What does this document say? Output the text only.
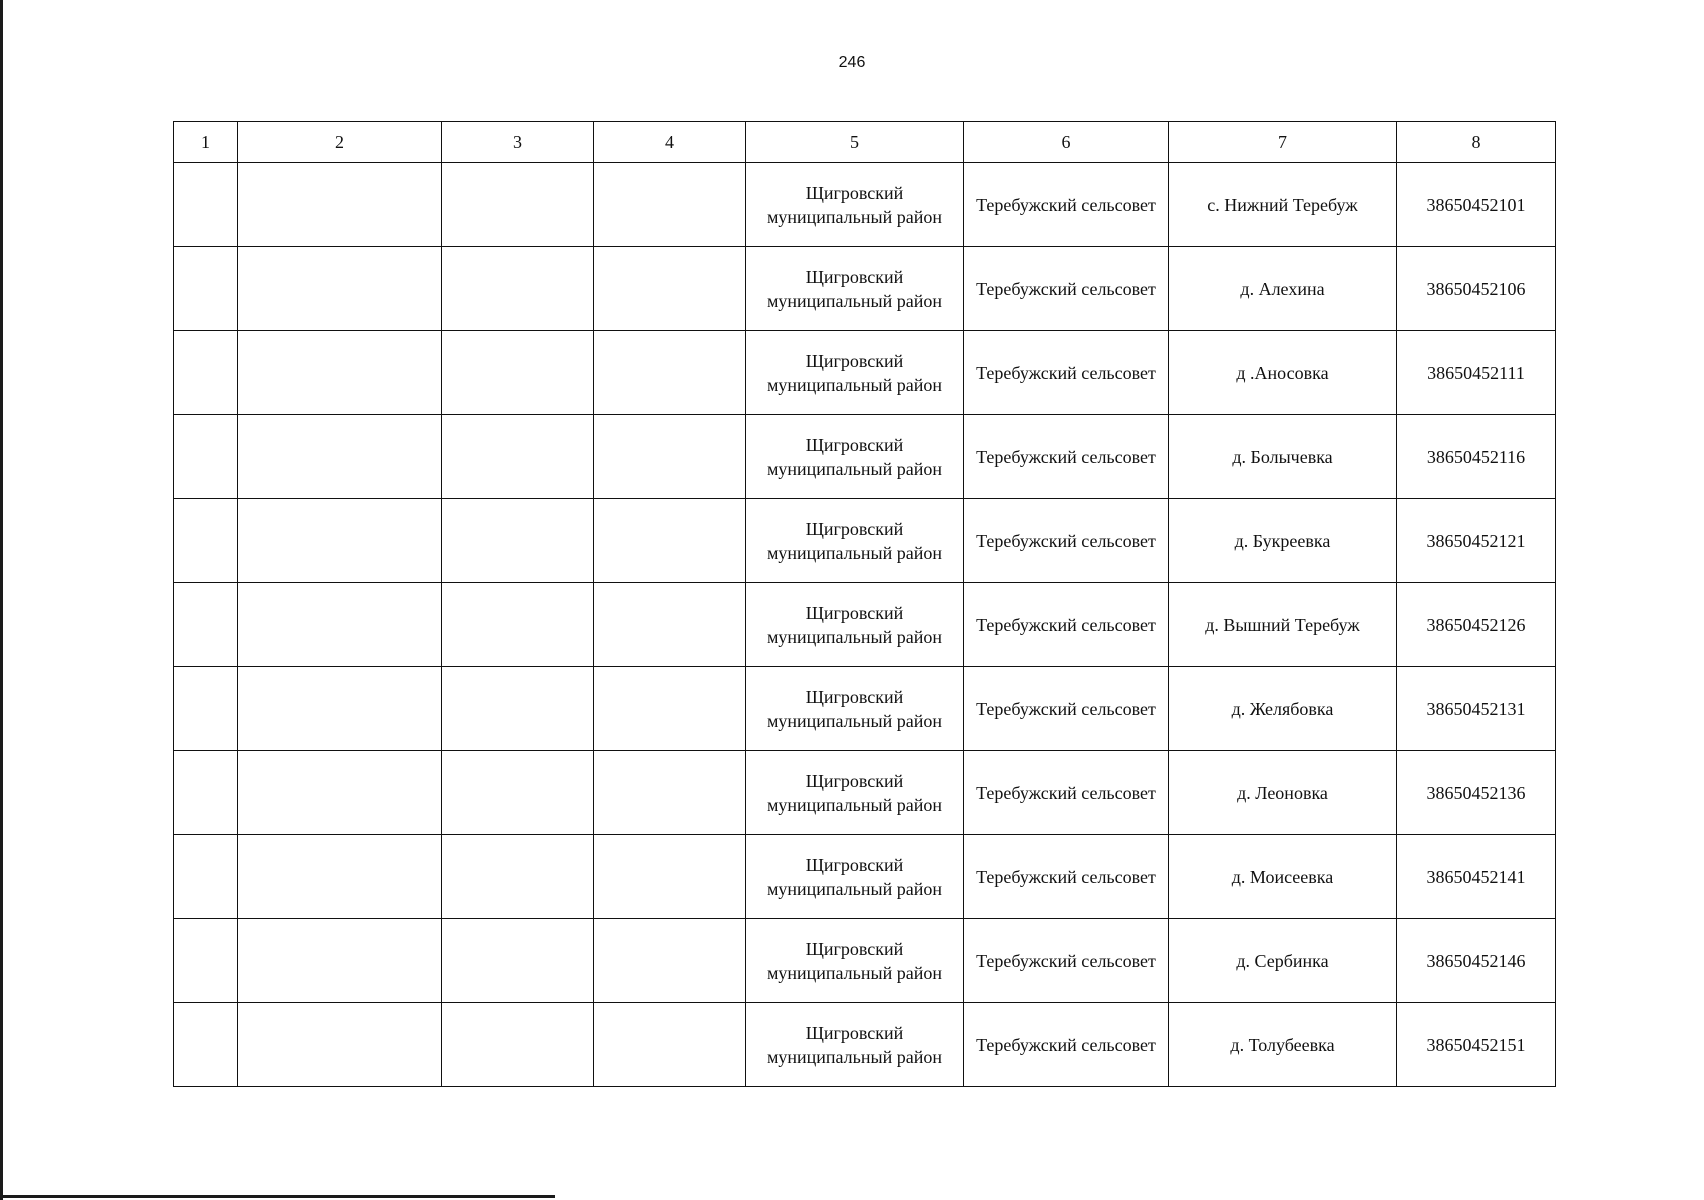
246
1	2	3	4	5	6	7	8
				Щигровский
муниципальный район	Теребужский сельсовет	с. Нижний Теребуж	38650452101
				Щигровский
муниципальный район	Теребужский сельсовет	д. Алехина	38650452106
				Щигровский
муниципальный район	Теребужский сельсовет	д .Аносовка	38650452111
				Щигровский
муниципальный район	Теребужский сельсовет	д. Болычевка	38650452116
				Щигровский
муниципальный район	Теребужский сельсовет	д. Букреевка	38650452121
				Щигровский
муниципальный район	Теребужский сельсовет	д. Вышний Теребуж	38650452126
				Щигровский
муниципальный район	Теребужский сельсовет	д. Желябовка	38650452131
				Щигровский
муниципальный район	Теребужский сельсовет	д. Леоновка	38650452136
				Щигровский
муниципальный район	Теребужский сельсовет	д. Моисеевка	38650452141
				Щигровский
муниципальный район	Теребужский сельсовет	д. Сербинка	38650452146
				Щигровский
муниципальный район	Теребужский сельсовет	д. Толубеевка	38650452151
